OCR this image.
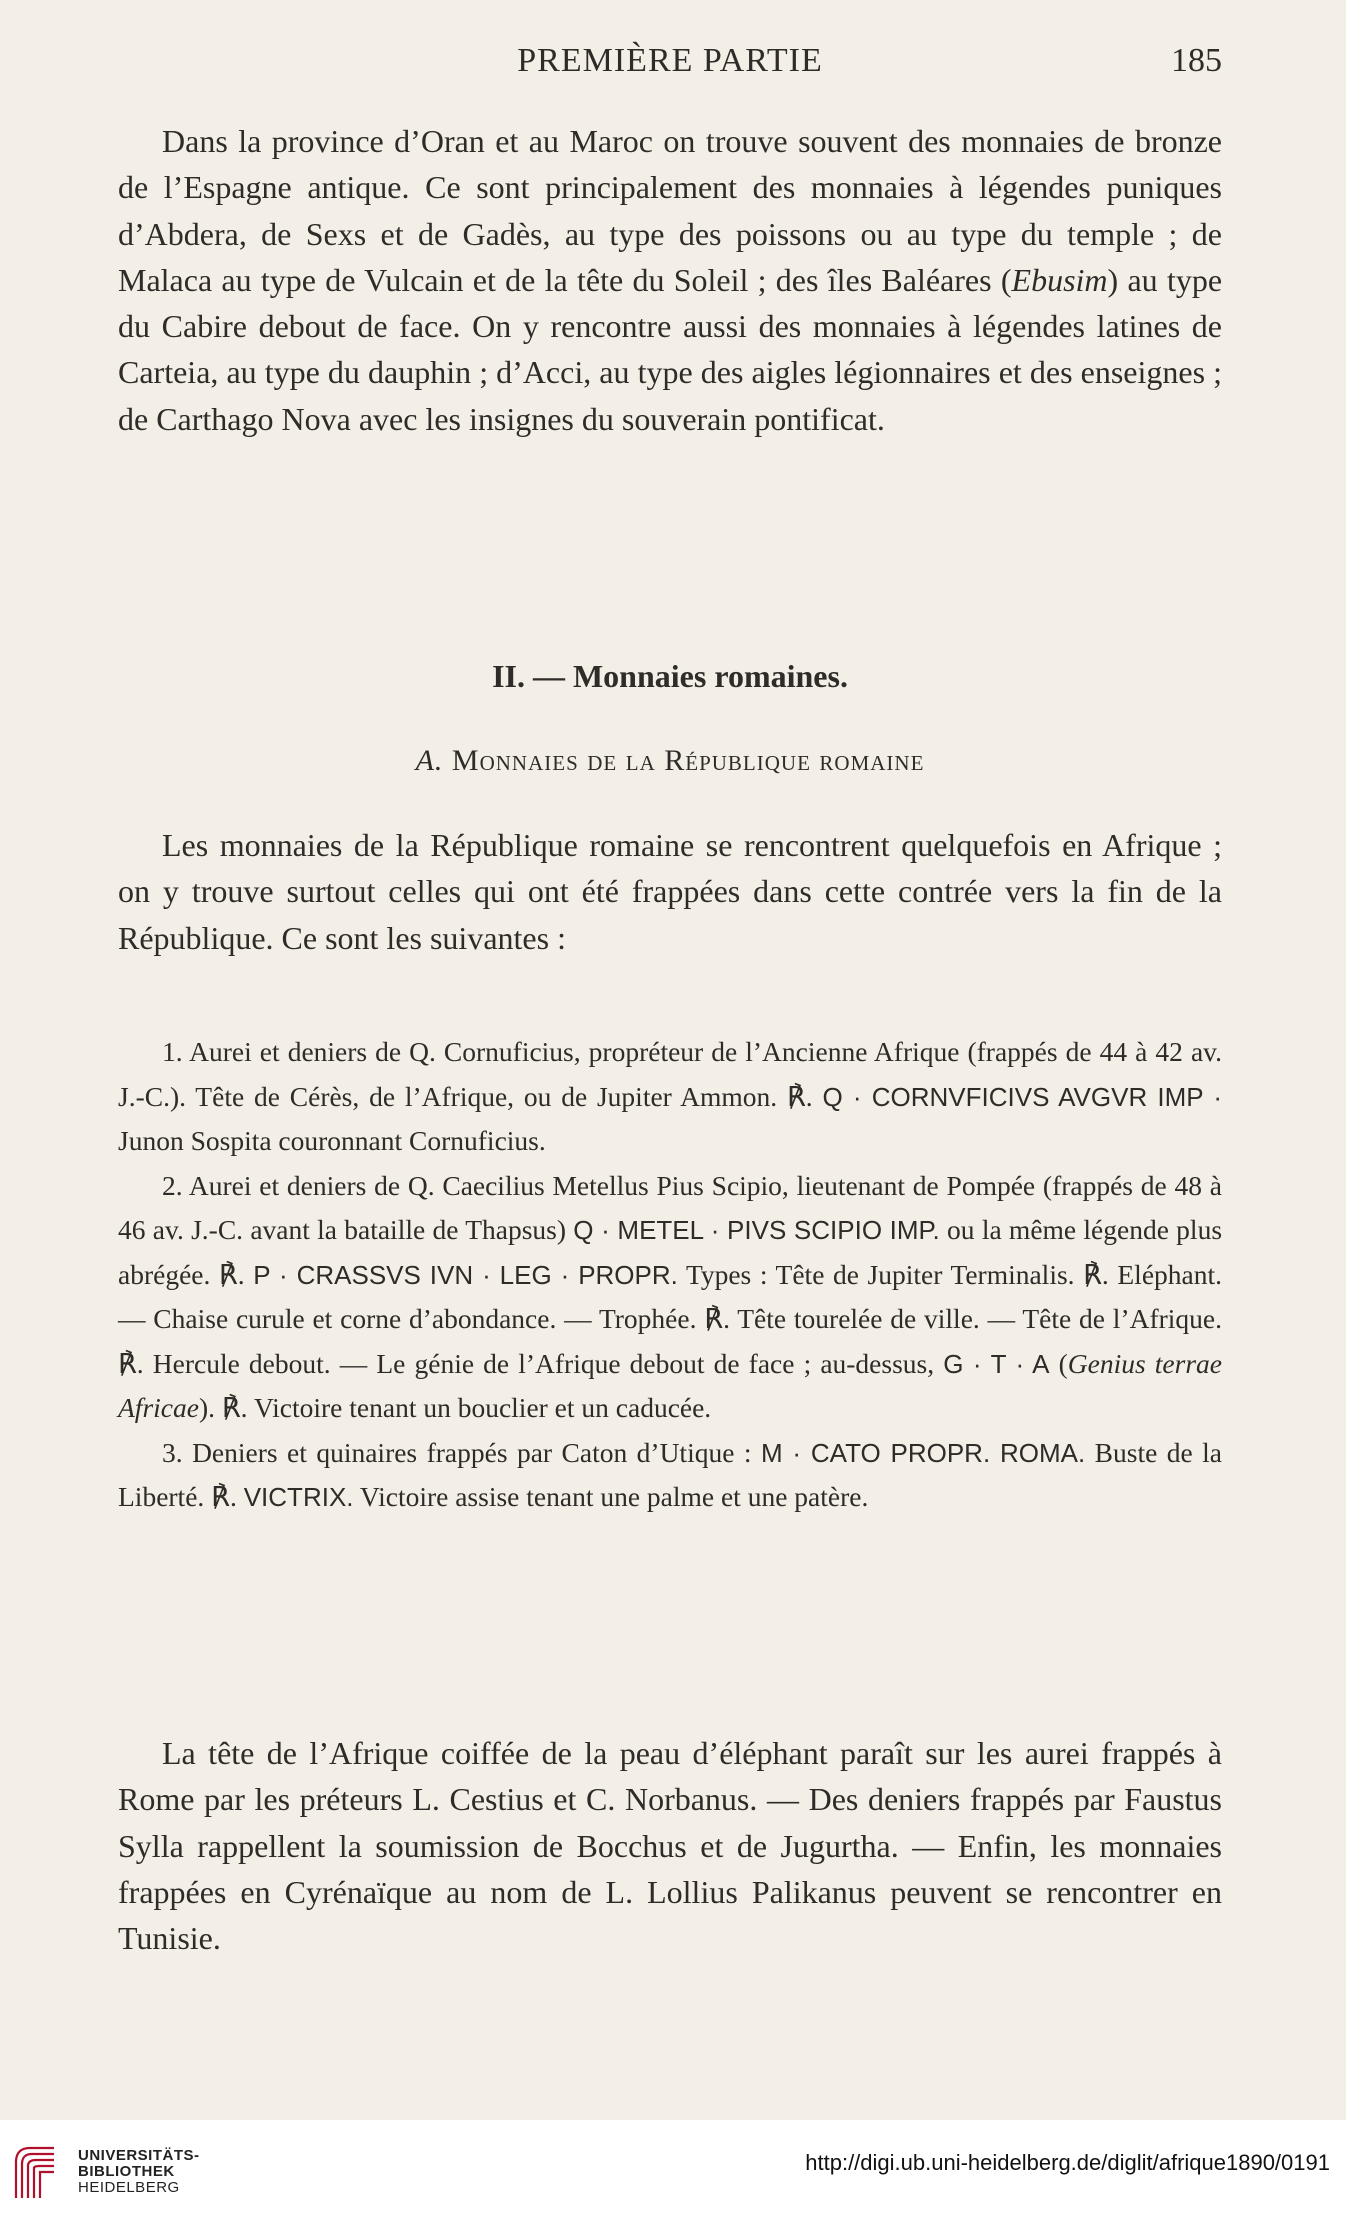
PREMIÈRE PARTIE	185

Dans la province d’Oran et au Maroc on trouve souvent des monnaies de bronze de l’Espagne antique. Ce sont principalement des monnaies à légendes puniques d’Abdera, de Sexs et de Gadès, au type des poissons ou au type du temple ; de Malaca au type de Vulcain et de la tête du Soleil ; des îles Baléares (Ebusim) au type du Cabire debout de face. On y rencontre aussi des monnaies à légendes latines de Carteia, au type du dauphin ; d’Acci, au type des aigles légionnaires et des enseignes ; de Carthago Nova avec les insignes du souverain pontificat.

II. — Monnaies romaines.
A. Monnaies de la République romaine

Les monnaies de la République romaine se rencontrent quelquefois en Afrique ; on y trouve surtout celles qui ont été frappées dans cette contrée vers la fin de la République. Ce sont les suivantes :

1. Aurei et deniers de Q. Cornuficius, propréteur de l’Ancienne Afrique (frappés de 44 à 42 av. J.-C.). Tête de Cérès, de l’Afrique, ou de Jupiter Ammon. ℟. Q · CORNVFICIVS AVGVR IMP · Junon Sospita couronnant Cornuficius.

2. Aurei et deniers de Q. Caecilius Metellus Pius Scipio, lieutenant de Pompée (frappés de 48 à 46 av. J.-C. avant la bataille de Thapsus) Q · METEL · PIVS SCIPIO IMP. ou la même légende plus abrégée. ℟. P · CRASSVS IVN · LEG · PROPR. Types : Tête de Jupiter Terminalis. ℟. Eléphant. — Chaise curule et corne d’abondance. — Trophée. ℟. Tête tourelée de ville. — Tête de l’Afrique. ℟. Hercule debout. — Le génie de l’Afrique debout de face ; au-dessus, G · T · A (Genius terrae Africae). ℟. Victoire tenant un bouclier et un caducée.

3. Deniers et quinaires frappés par Caton d’Utique : M · CATO PROPR. ROMA. Buste de la Liberté. ℟. VICTRIX. Victoire assise tenant une palme et une patère.

La tête de l’Afrique coiffée de la peau d’éléphant paraît sur les aurei frappés à Rome par les préteurs L. Cestius et C. Norbanus. — Des deniers frappés par Faustus Sylla rappellent la soumission de Bocchus et de Jugurtha. — Enfin, les monnaies frappées en Cyrénaïque au nom de L. Lollius Palikanus peuvent se rencontrer en Tunisie.

UNIVERSITÄTS-
BIBLIOTHEK
HEIDELBERG
http://digi.ub.uni-heidelberg.de/diglit/afrique1890/0191
